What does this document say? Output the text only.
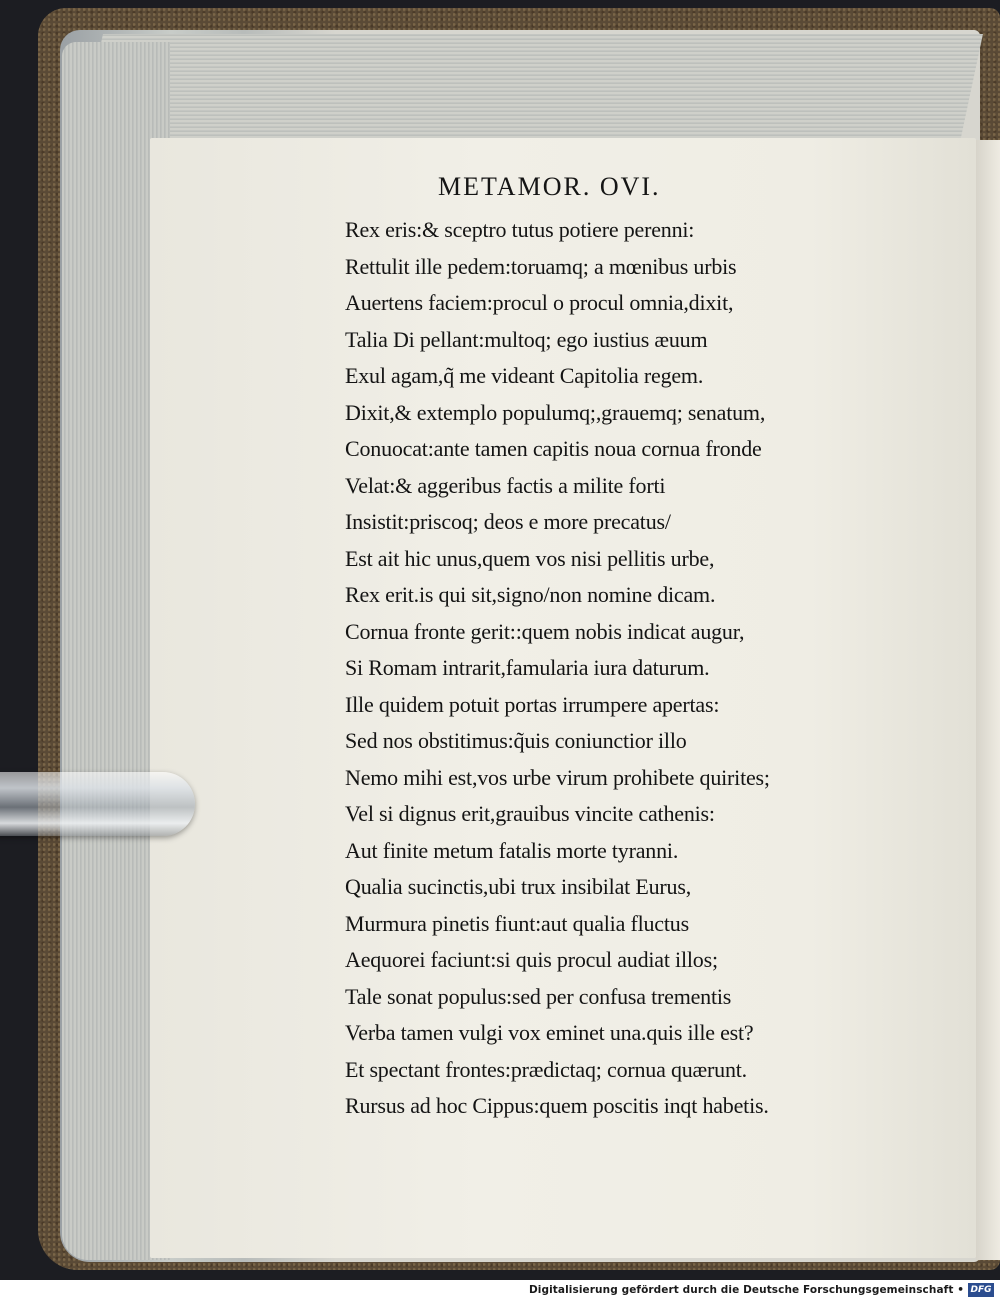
METAMOR. OVI.
Rex eris:& sceptro tutus potiere perenni:
Rettulit ille pedem:toruamq; a mœnibus urbis
Auertens faciem:procul o procul omnia,dixit,
Talia Di pellant:multoq; ego iustius æuum
Exul agam,q̃ me videant Capitolia regem.
Dixit,& extemplo populumq;,grauemq; senatum,
Conuocat:ante tamen capitis noua cornua fronde
Velat:& aggeribus factis a milite forti
Insistit:priscoq; deos e more precatus/
Est ait hic unus,quem vos nisi pellitis urbe,
Rex erit.is qui sit,signo/non nomine dicam.
Cornua fronte gerit::quem nobis indicat augur,
Si Romam intrarit,famularia iura daturum.
Ille quidem potuit portas irrumpere apertas:
Sed nos obstitimus:q̃uis coniunctior illo
Nemo mihi est,vos urbe virum prohibete quirites;
Vel si dignus erit,grauibus vincite cathenis:
Aut finite metum fatalis morte tyranni.
Qualia sucinctis,ubi trux insibilat Eurus,
Murmura pinetis fiunt:aut qualia fluctus
Aequorei faciunt:si quis procul audiat illos;
Tale sonat populus:sed per confusa trementis
Verba tamen vulgi vox eminet una.quis ille est?
Et spectant frontes:prædictaq; cornua quærunt.
Rursus ad hoc Cippus:quem poscitis inqt habetis.
Digitalisierung gefördert durch die Deutsche Forschungsgemeinschaft • DFG
